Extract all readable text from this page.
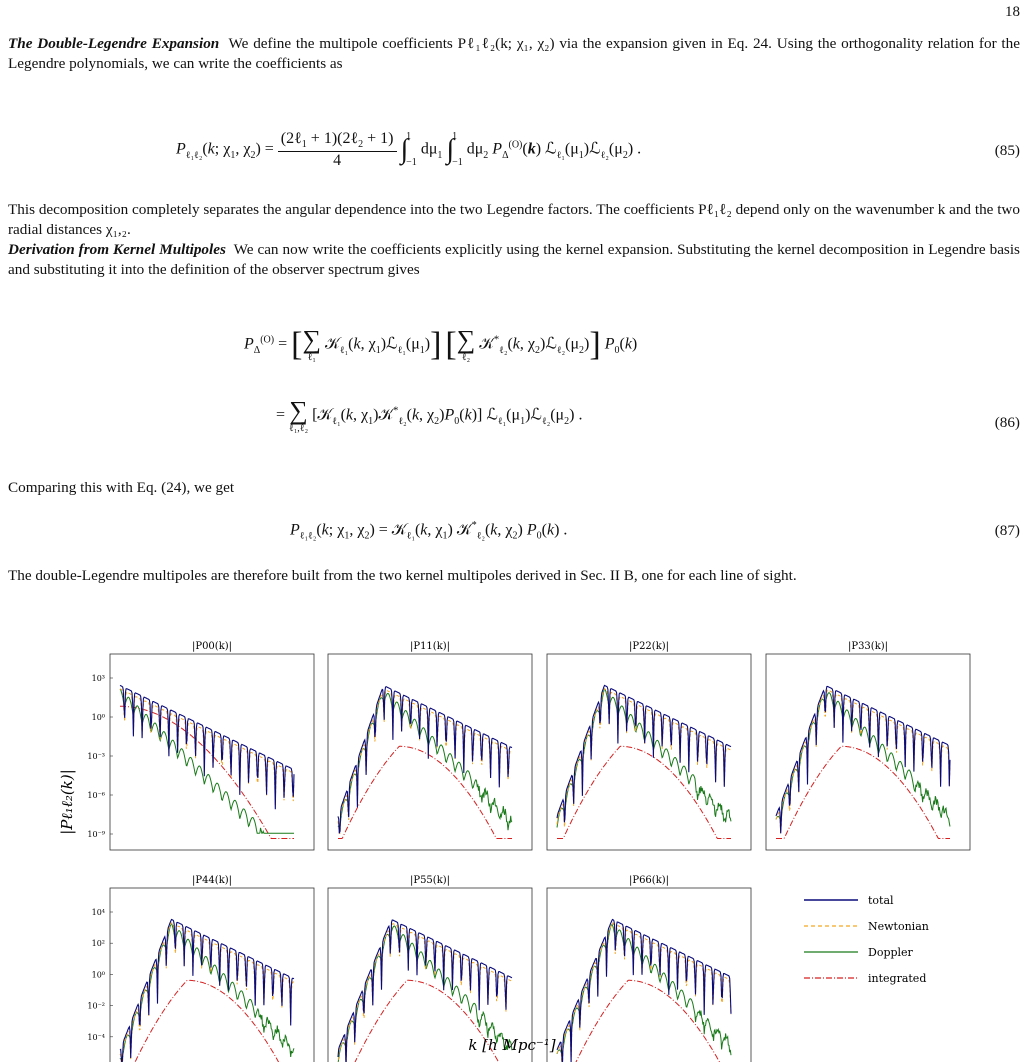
18
The Double-Legendre Expansion We define the multipole coefficients Pℓ₁ℓ₂(k; χ₁, χ₂) via the expansion given in Eq. 24. Using the orthogonality relation for the Legendre polynomials, we can write the coefficients as
$P_{\ell_1\ell_2}(k$; $\chi_1$, $\chi_2) = \frac{(2\ell_1 + 1)(2\ell_2 + 1)}{4} \int 1$
−1 $d\mu_1$ ∫1
−1 $d\mu_2$ $P_\Delta^{(O)}(k)$ $ℒ_{\ell_1}(\mu_1)ℒ_{\ell_2}(\mu_2)$ .	(85)
This decomposition completely separates the angular dependence into the two Legendre factors. The coefficients Pℓ₁ℓ₂ depend only on the wavenumber k and the two radial distances χ₁,₂.
Derivation from Kernel Multipoles We can now write the coefficients explicitly using the kernel expansion. Substituting the kernel decomposition in Legendre basis and substituting it into the definition of the observer spectrum gives
$P_\Delta^{(O)}$ = [ ∑
ℓ₁
𝒦$_{\ell_1}$(k, $\chi_1)ℒ_{\ell_1}(\mu_1)$] [ ∑
ℓ₂
𝒦*$_{\ell_2}$(k, $\chi_2)ℒ_{\ell_2}(\mu_2)$] $P_0(k)$
= ∑
ℓ₁,ℓ₂
[𝒦$_{\ell_1}$(k, $\chi_1)𝒦^*_{\ell_2}(k$, $\chi_2)P_0(k)$] $ℒ_{\ell_1}(\mu_1)ℒ_{\ell_2}(\mu_2)$ .	(86)
Comparing this with Eq. (24), we get
$P_{\ell_1\ell_2}(k$; $\chi_1$, $\chi_2$) = 𝒦$_{\ell_1}$(k, $\chi_1$) 𝒦*$_{\ell_2}$(k, $\chi_2$) $P_0(k)$ .	(87)
The double-Legendre multipoles are therefore built from the two kernel multipoles derived in Sec. II B, one for each line of sight.
|P00(k)|
10³
10⁰
10⁻³
10⁻⁶
10⁻⁹
|P11(k)|	|P22(k)|	|P33(k)|
|P44(k)|
10⁴
10²
10⁰
10⁻²
10⁻⁴
|P55(k)|	|P66(k)|
|Pℓ₁ℓ₂(k)|
k [h Mpc⁻¹]
total
Newtonian
Doppler
integrated
